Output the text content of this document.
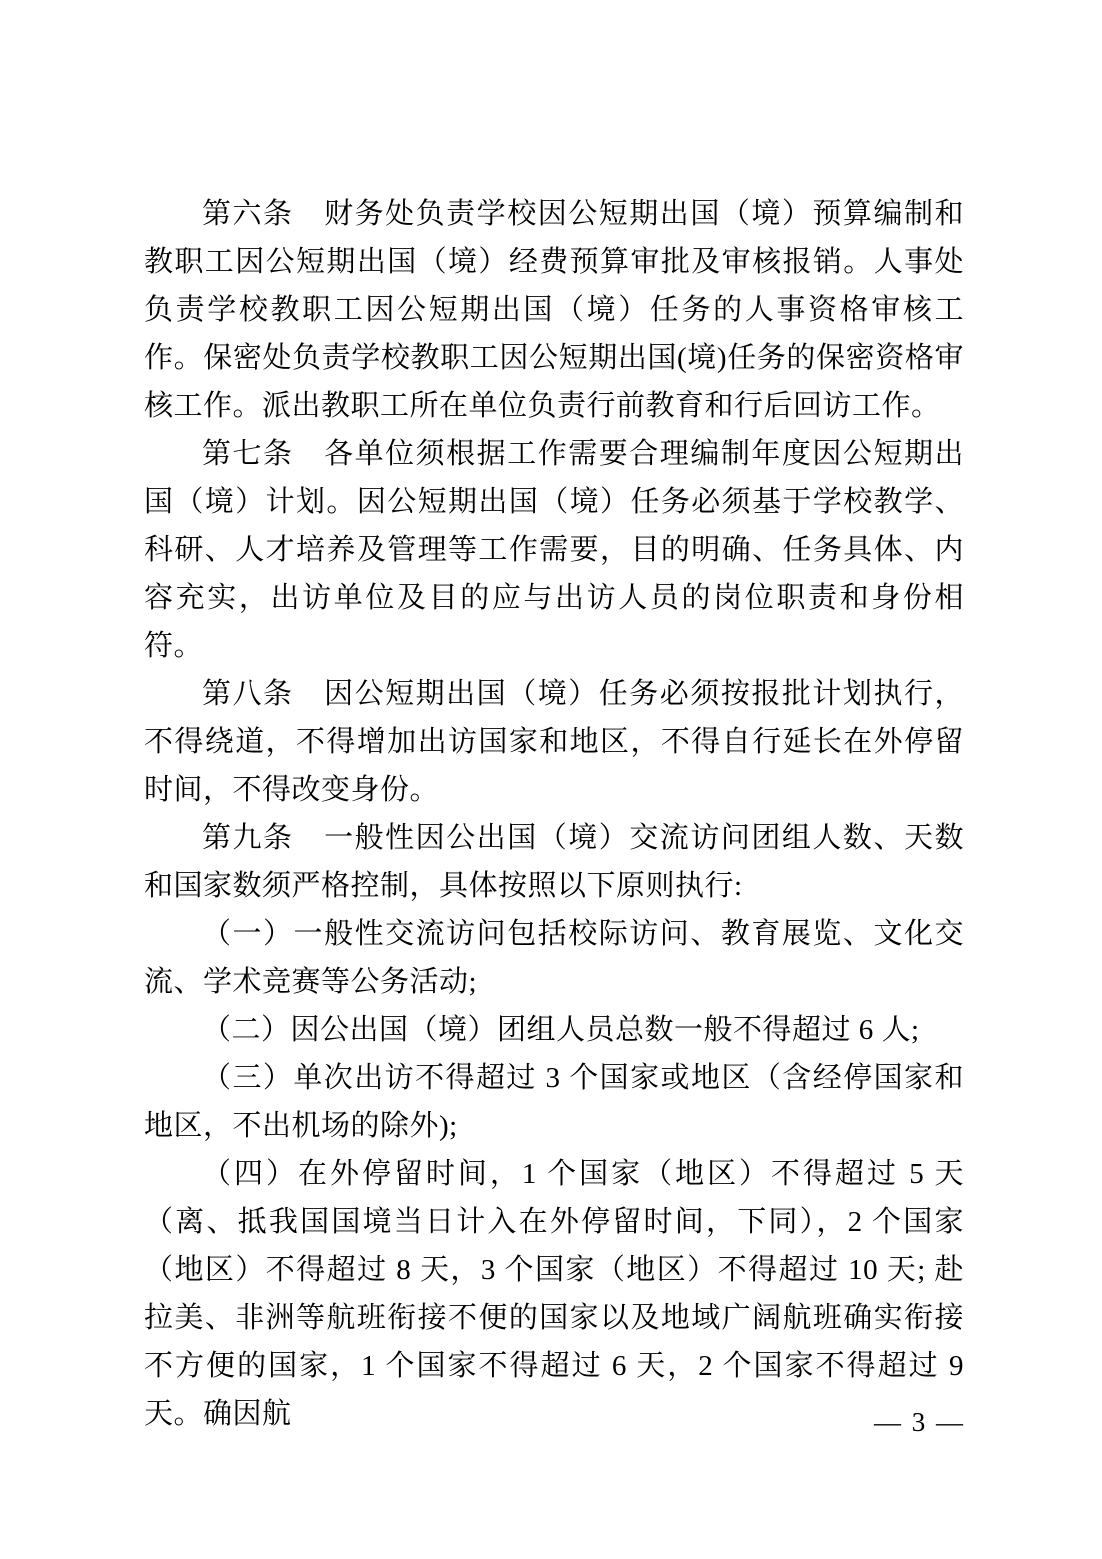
第六条　财务处负责学校因公短期出国（境）预算编制和教职工因公短期出国（境）经费预算审批及审核报销。人事处负责学校教职工因公短期出国（境）任务的人事资格审核工作。保密处负责学校教职工因公短期出国(境)任务的保密资格审核工作。派出教职工所在单位负责行前教育和行后回访工作。

第七条　各单位须根据工作需要合理编制年度因公短期出国（境）计划。因公短期出国（境）任务必须基于学校教学、科研、人才培养及管理等工作需要，目的明确、任务具体、内容充实，出访单位及目的应与出访人员的岗位职责和身份相符。

第八条　因公短期出国（境）任务必须按报批计划执行，不得绕道，不得增加出访国家和地区，不得自行延长在外停留时间，不得改变身份。

第九条　一般性因公出国（境）交流访问团组人数、天数和国家数须严格控制，具体按照以下原则执行:

（一）一般性交流访问包括校际访问、教育展览、文化交流、学术竞赛等公务活动;

（二）因公出国（境）团组人员总数一般不得超过 6 人;

（三）单次出访不得超过 3 个国家或地区（含经停国家和地区，不出机场的除外);

（四）在外停留时间，1 个国家（地区）不得超过 5 天（离、抵我国国境当日计入在外停留时间，下同），2 个国家（地区）不得超过 8 天，3 个国家（地区）不得超过 10 天; 赴拉美、非洲等航班衔接不便的国家以及地域广阔航班确实衔接不方便的国家，1 个国家不得超过 6 天，2 个国家不得超过 9 天。确因航	— 3 —
